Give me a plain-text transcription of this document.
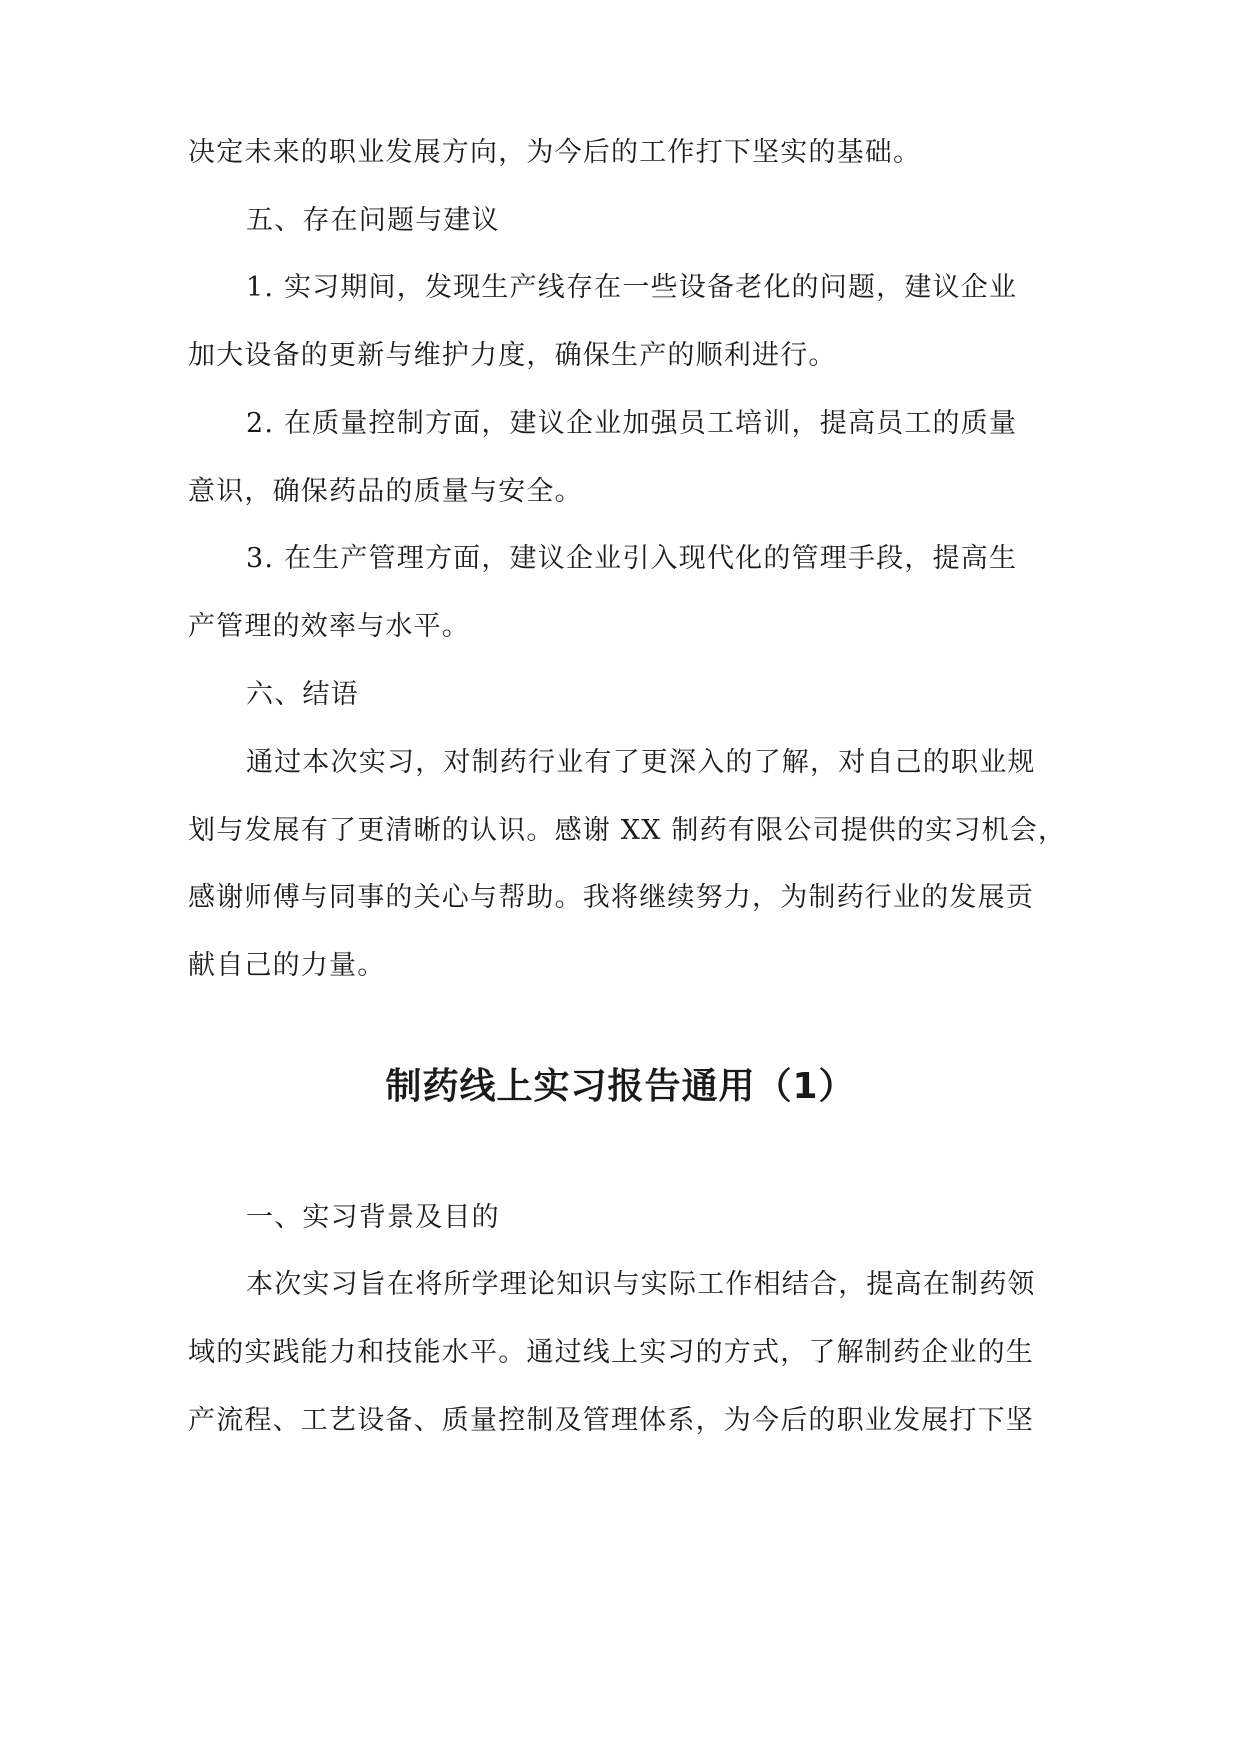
决定未来的职业发展方向，为今后的工作打下坚实的基础。
五、存在问题与建议
1. 实习期间，发现生产线存在一些设备老化的问题，建议企业
加大设备的更新与维护力度，确保生产的顺利进行。
2. 在质量控制方面，建议企业加强员工培训，提高员工的质量
意识，确保药品的质量与安全。
3. 在生产管理方面，建议企业引入现代化的管理手段，提高生
产管理的效率与水平。
六、结语
通过本次实习，对制药行业有了更深入的了解，对自己的职业规
划与发展有了更清晰的认识。感谢 XX 制药有限公司提供的实习机会，
感谢师傅与同事的关心与帮助。我将继续努力，为制药行业的发展贡
献自己的力量。
制药线上实习报告通用（1）
一、实习背景及目的
本次实习旨在将所学理论知识与实际工作相结合，提高在制药领
域的实践能力和技能水平。通过线上实习的方式，了解制药企业的生
产流程、工艺设备、质量控制及管理体系，为今后的职业发展打下坚
